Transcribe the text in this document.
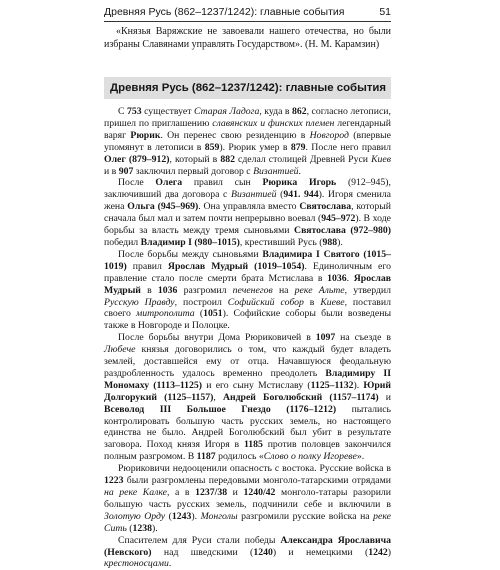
Древняя Русь (862–1237/1242): главные события	51
«Князья Варяжские не завоевали нашего отечества, но были избраны Славянами управлять Государством». (Н. М. Карамзин)
Древняя Русь (862–1237/1242): главные события

С 753 существует Старая Ладога, куда в 862, согласно летописи, пришел по приглашению славянских и финских племен легендарный варяг Рюрик. Он перенес свою резиденцию в Новгород (впервые упомянут в летописи в 859). Рюрик умер в 879. После него правил Олег (879–912), который в 882 сделал столицей Древней Руси Киев и в 907 заключил первый договор с Византией.

После Олега правил сын Рюрика Игорь (912–945), заключивший два договора с Византией (941. 944). Игоря сменила жена Ольга (945–969). Она управляла вместо Святослава, который сначала был мал и затем почти непрерывно воевал (945–972). В ходе борьбы за власть между тремя сыновьями Святослава (972–980) победил Владимир I (980–1015), крестивший Русь (988).

После борьбы между сыновьями Владимира I Святого (1015–1019) правил Ярослав Мудрый (1019–1054). Единоличным его правление стало после смерти брата Мстислава в 1036. Ярослав Мудрый в 1036 разгромил печенегов на реке Альте, утвердил Русскую Правду, построил Софийский собор в Киеве, поставил своего митрополита (1051). Софийские соборы были возведены также в Новгороде и Полоцке.

После борьбы внутри Дома Рюриковичей в 1097 на съезде в Любече князья договорились о том, что каждый будет владеть землей, доставшейся ему от отца. Начавшуюся феодальную раздробленность удалось временно преодолеть Владимиру II Мономаху (1113–1125) и его сыну Мстиславу (1125–1132). Юрий Долгорукий (1125–1157), Андрей Боголюбский (1157–1174) и Всеволод III Большое Гнездо (1176–1212) пытались контролировать большую часть русских земель, но настоящего единства не было. Андрей Боголюбский был убит в результате заговора. Поход князя Игоря в 1185 против половцев закончился полным разгромом. В 1187 родилось «Слово о полку Игореве».

Рюриковичи недооценили опасность с востока. Русские войска в 1223 были разгромлены передовыми монголо-татарскими отрядами на реке Калке, а в 1237/38 и 1240/42 монголо-татары разорили большую часть русских земель, подчинили себе и включили в Золотую Орду (1243). Монголы разгромили русские войска на реке Сить (1238).

Спасителем для Руси стали победы Александра Ярославича (Невского) над шведскими (1240) и немецкими (1242) крестоносцами.
